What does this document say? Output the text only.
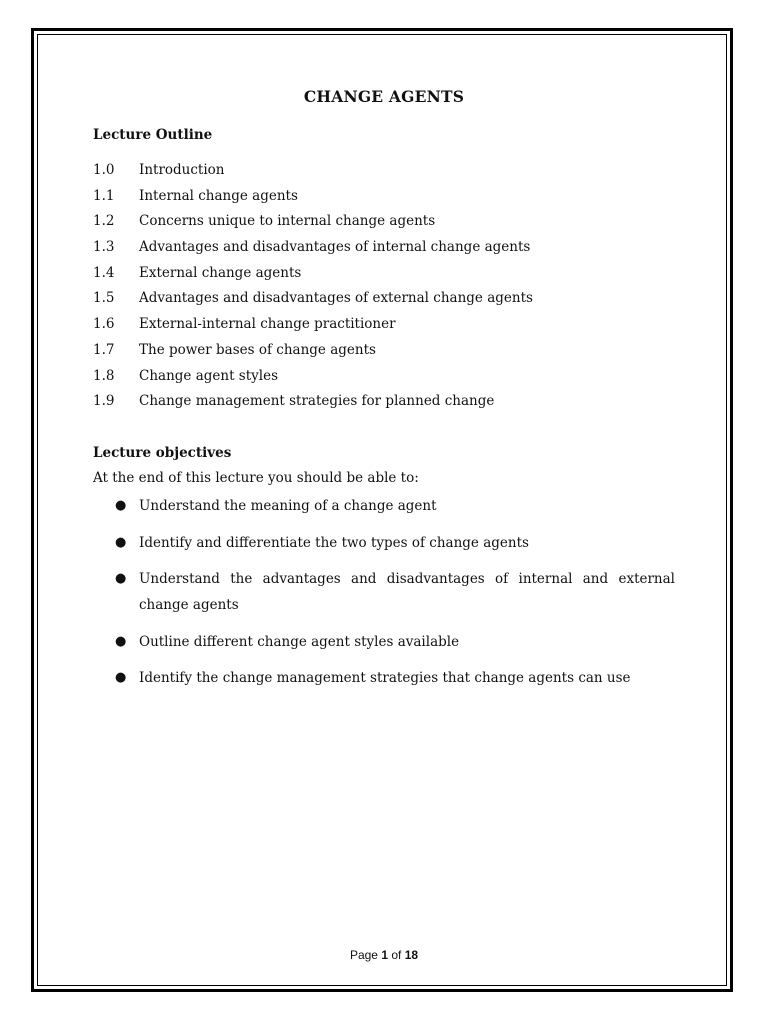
CHANGE AGENTS
Lecture Outline
1.0	Introduction
1.1	Internal change agents
1.2	Concerns unique to internal change agents
1.3	Advantages and disadvantages of internal change agents
1.4	External change agents
1.5	Advantages and disadvantages of external change agents
1.6	External-internal change practitioner
1.7	The power bases of change agents
1.8	Change agent styles
1.9	Change management strategies for planned change
Lecture objectives

At the end of this lecture you should be able to:

● Understand the meaning of a change agent
● Identify and differentiate the two types of change agents
● Understand the advantages and disadvantages of internal and external change agents
● Outline different change agent styles available
● Identify the change management strategies that change agents can use
Page 1 of 18
